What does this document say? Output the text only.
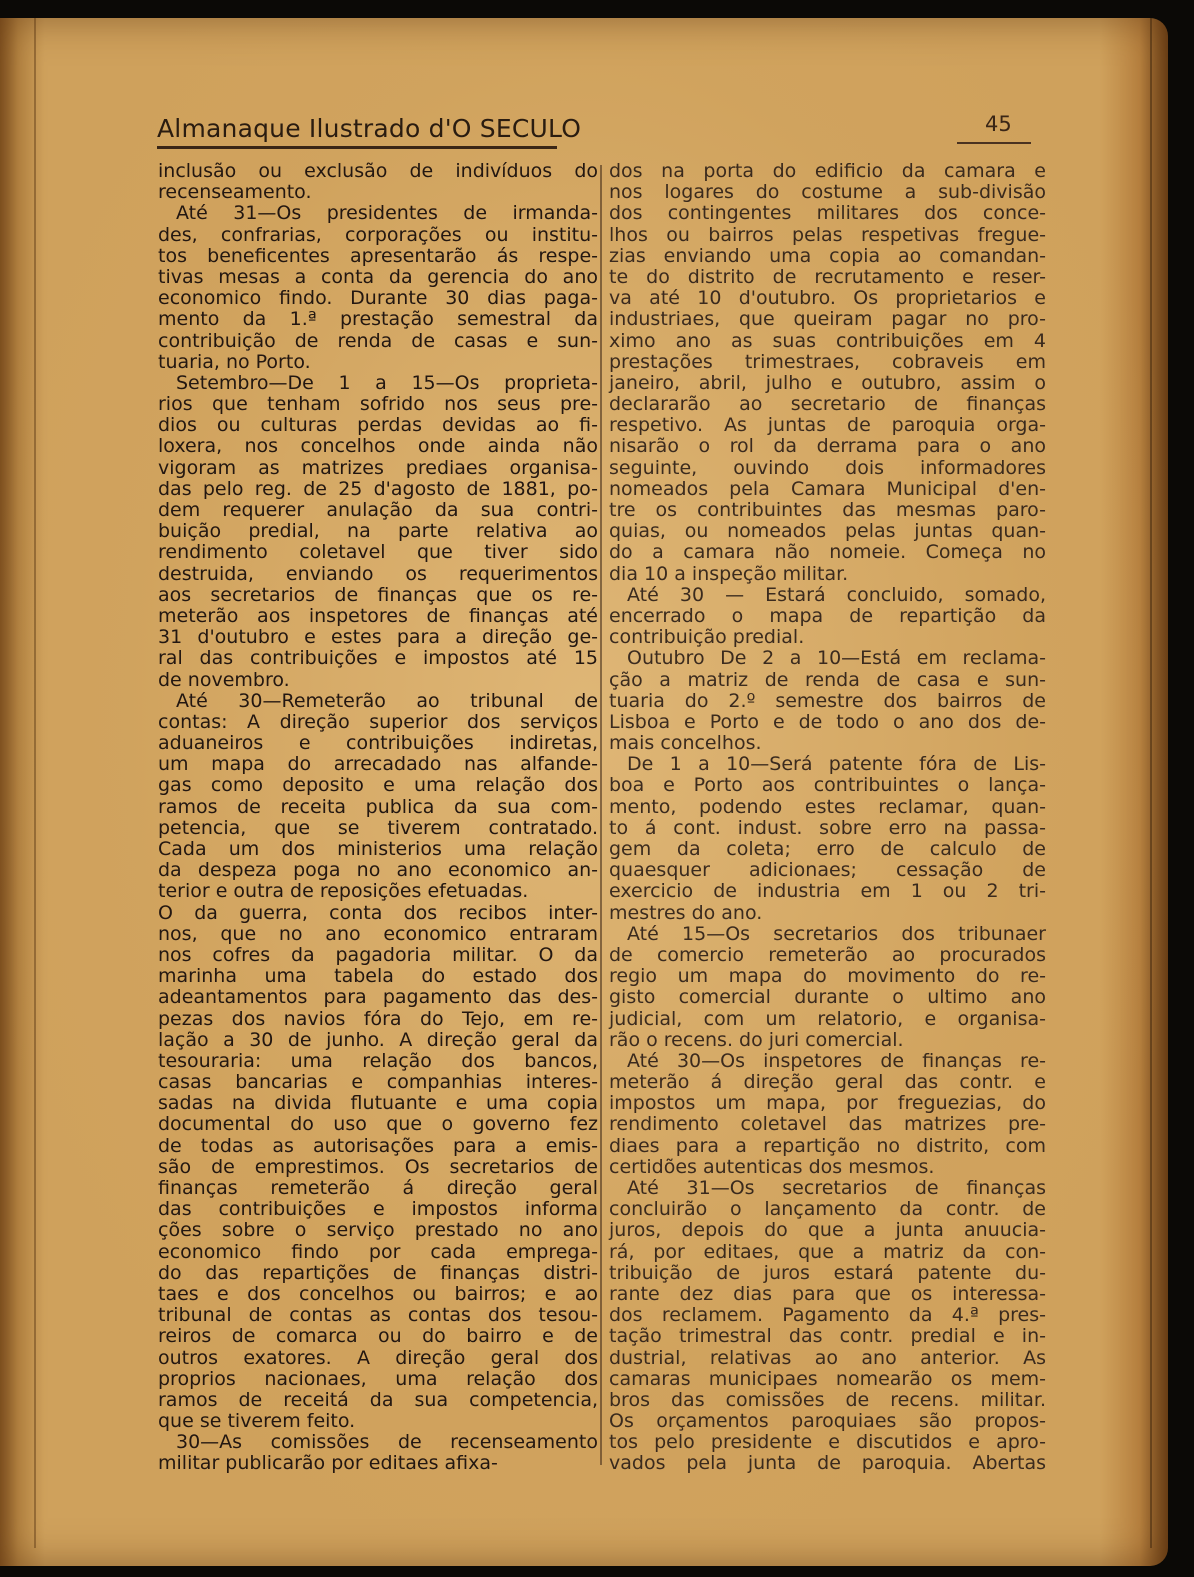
Almanaque Ilustrado d'O SECULO	45
inclusão ou exclusão de indivíduos do
recenseamento.
Até 31—Os presidentes de irmanda-
des, confrarias, corporações ou institu-
tos beneficentes apresentarão ás respe-
tivas mesas a conta da gerencia do ano
economico findo. Durante 30 dias paga-
mento da 1.ª prestação semestral da
contribuição de renda de casas e sun-
tuaria, no Porto.
Setembro—De 1 a 15—Os proprieta-
rios que tenham sofrido nos seus pre-
dios ou culturas perdas devidas ao fi-
loxera, nos concelhos onde ainda não
vigoram as matrizes prediaes organisa-
das pelo reg. de 25 d'agosto de 1881, po-
dem requerer anulação da sua contri-
buição predial, na parte relativa ao
rendimento coletavel que tiver sido
destruida, enviando os requerimentos
aos secretarios de finanças que os re-
meterão aos inspetores de finanças até
31 d'outubro e estes para a direção ge-
ral das contribuições e impostos até 15
de novembro.
Até 30—Remeterão ao tribunal de
contas: A direção superior dos serviços
aduaneiros e contribuições indiretas,
um mapa do arrecadado nas alfande-
gas como deposito e uma relação dos
ramos de receita publica da sua com-
petencia, que se tiverem contratado.
Cada um dos ministerios uma relação
da despeza poga no ano economico an-
terior e outra de reposições efetuadas.
O da guerra, conta dos recibos inter-
nos, que no ano economico entraram
nos cofres da pagadoria militar. O da
marinha uma tabela do estado dos
adeantamentos para pagamento das des-
pezas dos navios fóra do Tejo, em re-
lação a 30 de junho. A direção geral da
tesouraria: uma relação dos bancos,
casas bancarias e companhias interes-
sadas na divida flutuante e uma copia
documental do uso que o governo fez
de todas as autorisações para a emis-
são de emprestimos. Os secretarios de
finanças remeterão á direção geral
das contribuições e impostos informa
ções sobre o serviço prestado no ano
economico findo por cada emprega-
do das repartições de finanças distri-
taes e dos concelhos ou bairros; e ao
tribunal de contas as contas dos tesou-
reiros de comarca ou do bairro e de
outros exatores. A direção geral dos
proprios nacionaes, uma relação dos
ramos de receitá da sua competencia,
que se tiverem feito.
30—As comissões de recenseamento
militar publicarão por editaes afixa-
dos na porta do edificio da camara e
nos logares do costume a sub-divisão
dos contingentes militares dos conce-
lhos ou bairros pelas respetivas fregue-
zias enviando uma copia ao comandan-
te do distrito de recrutamento e reser-
va até 10 d'outubro. Os proprietarios e
industriaes, que queiram pagar no pro-
ximo ano as suas contribuições em 4
prestações trimestraes, cobraveis em
janeiro, abril, julho e outubro, assim o
declararão ao secretario de finanças
respetivo. As juntas de paroquia orga-
nisarão o rol da derrama para o ano
seguinte, ouvindo dois informadores
nomeados pela Camara Municipal d'en-
tre os contribuintes das mesmas paro-
quias, ou nomeados pelas juntas quan-
do a camara não nomeie. Começa no
dia 10 a inspeção militar.
Até 30 — Estará concluido, somado,
encerrado o mapa de repartição da
contribuição predial.
Outubro De 2 a 10—Está em reclama-
ção a matriz de renda de casa e sun-
tuaria do 2.º semestre dos bairros de
Lisboa e Porto e de todo o ano dos de-
mais concelhos.
De 1 a 10—Será patente fóra de Lis-
boa e Porto aos contribuintes o lança-
mento, podendo estes reclamar, quan-
to á cont. indust. sobre erro na passa-
gem da coleta; erro de calculo de
quaesquer adicionaes; cessação de
exercicio de industria em 1 ou 2 tri-
mestres do ano.
Até 15—Os secretarios dos tribunaer
de comercio remeterão ao procurados
regio um mapa do movimento do re-
gisto comercial durante o ultimo ano
judicial, com um relatorio, e organisa-
rão o recens. do juri comercial.
Até 30—Os inspetores de finanças re-
meterão á direção geral das contr. e
impostos um mapa, por freguezias, do
rendimento coletavel das matrizes pre-
diaes para a repartição no distrito, com
certidões autenticas dos mesmos.
Até 31—Os secretarios de finanças
concluirão o lançamento da contr. de
juros, depois do que a junta anuucia-
rá, por editaes, que a matriz da con-
tribuição de juros estará patente du-
rante dez dias para que os interessa-
dos reclamem. Pagamento da 4.ª pres-
tação trimestral das contr. predial e in-
dustrial, relativas ao ano anterior. As
camaras municipaes nomearão os mem-
bros das comissões de recens. militar.
Os orçamentos paroquiaes são propos-
tos pelo presidente e discutidos e apro-
vados pela junta de paroquia. Abertas
